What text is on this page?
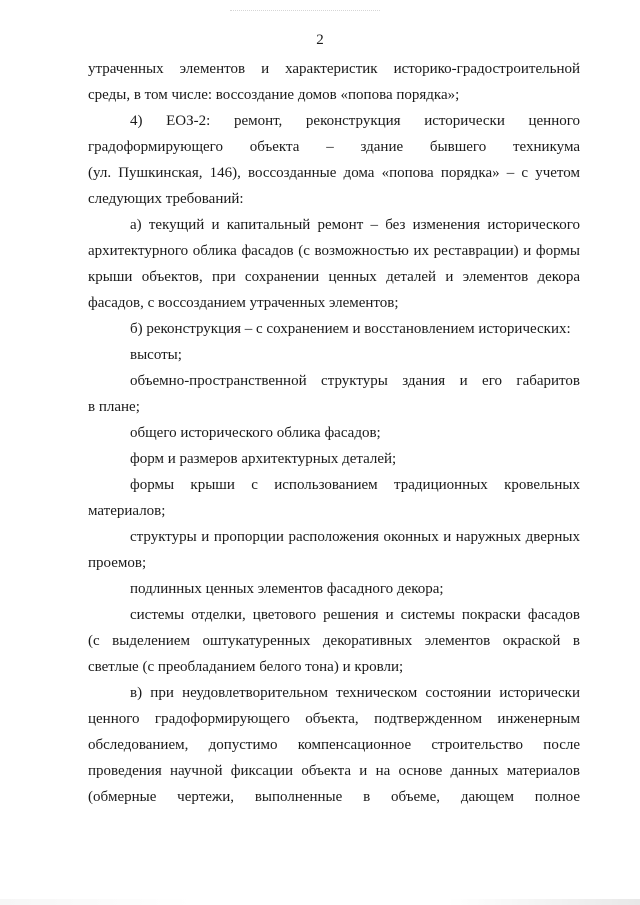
2

утраченных элементов и характеристик историко-градостроительной

среды, в том числе: воссоздание домов «попова порядка»;

4) ЕОЗ-2: ремонт, реконструкция исторически ценного

градоформирующего объекта – здание бывшего техникума

(ул. Пушкинская, 146), воссозданные дома «попова порядка» – с учетом

следующих требований:

а) текущий и капитальный ремонт – без изменения исторического

архитектурного облика фасадов (с возможностью их реставрации) и формы

крыши объектов, при сохранении ценных деталей и элементов декора

фасадов, с воссозданием утраченных элементов;

б) реконструкция – с сохранением и восстановлением исторических:

высоты;

объемно-пространственной структуры здания и его габаритов

в плане;

общего исторического облика фасадов;

форм и размеров архитектурных деталей;

формы крыши с использованием традиционных кровельных

материалов;

структуры и пропорции расположения оконных и наружных дверных

проемов;

подлинных ценных элементов фасадного декора;

системы отделки, цветового решения и системы покраски фасадов

(с выделением оштукатуренных декоративных элементов окраской в

светлые (с преобладанием белого тона) и кровли;

в) при неудовлетворительном техническом состоянии исторически

ценного градоформирующего объекта, подтвержденном инженерным

обследованием, допустимо компенсационное строительство после

проведения научной фиксации объекта и на основе данных материалов

(обмерные чертежи, выполненные в объеме, дающем полное
